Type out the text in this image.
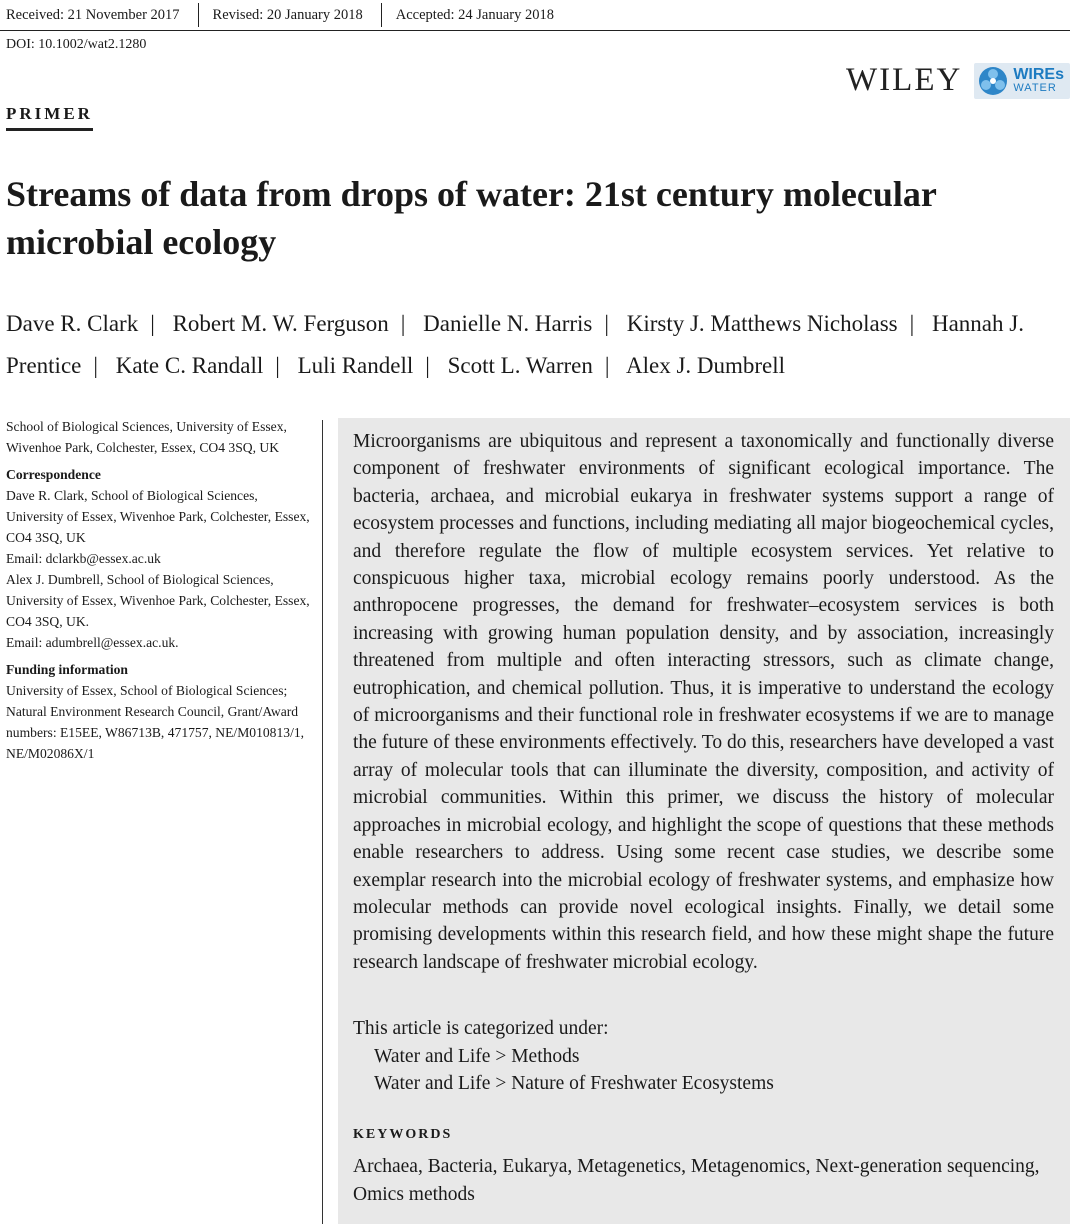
Received: 21 November 2017	Revised: 20 January 2018	Accepted: 24 January 2018
DOI: 10.1002/wat2.1280
WILEY	WIREs
WATER
PRIMER
Streams of data from drops of water: 21st century molecular microbial ecology
Dave R. Clark | Robert M. W. Ferguson | Danielle N. Harris | Kirsty J. Matthews Nicholass | Hannah J. Prentice | Kate C. Randall | Luli Randell | Scott L. Warren | Alex J. Dumbrell
School of Biological Sciences, University of Essex, Wivenhoe Park, Colchester, Essex, CO4 3SQ, UK
Correspondence
Dave R. Clark, School of Biological Sciences, University of Essex, Wivenhoe Park, Colchester, Essex, CO4 3SQ, UK
Email: dclarkb@essex.ac.uk
Alex J. Dumbrell, School of Biological Sciences, University of Essex, Wivenhoe Park, Colchester, Essex, CO4 3SQ, UK.
Email: adumbrell@essex.ac.uk.
Funding information
University of Essex, School of Biological Sciences; Natural Environment Research Council, Grant/Award numbers: E15EE, W86713B, 471757, NE/M010813/1, NE/M02086X/1

Microorganisms are ubiquitous and represent a taxonomically and functionally diverse component of freshwater environments of significant ecological importance. The bacteria, archaea, and microbial eukarya in freshwater systems support a range of ecosystem processes and functions, including mediating all major biogeochemical cycles, and therefore regulate the flow of multiple ecosystem services. Yet relative to conspicuous higher taxa, microbial ecology remains poorly understood. As the anthropocene progresses, the demand for freshwater–ecosystem services is both increasing with growing human population density, and by association, increasingly threatened from multiple and often interacting stressors, such as climate change, eutrophication, and chemical pollution. Thus, it is imperative to understand the ecology of microorganisms and their functional role in freshwater ecosystems if we are to manage the future of these environments effectively. To do this, researchers have developed a vast array of molecular tools that can illuminate the diversity, composition, and activity of microbial communities. Within this primer, we discuss the history of molecular approaches in microbial ecology, and highlight the scope of questions that these methods enable researchers to address. Using some recent case studies, we describe some exemplar research into the microbial ecology of freshwater systems, and emphasize how molecular methods can provide novel ecological insights. Finally, we detail some promising developments within this research field, and how these might shape the future research landscape of freshwater microbial ecology.

This article is categorized under:
Water and Life > Methods
Water and Life > Nature of Freshwater Ecosystems
KEYWORDS
Archaea, Bacteria, Eukarya, Metagenetics, Metagenomics, Next-generation sequencing, Omics methods
